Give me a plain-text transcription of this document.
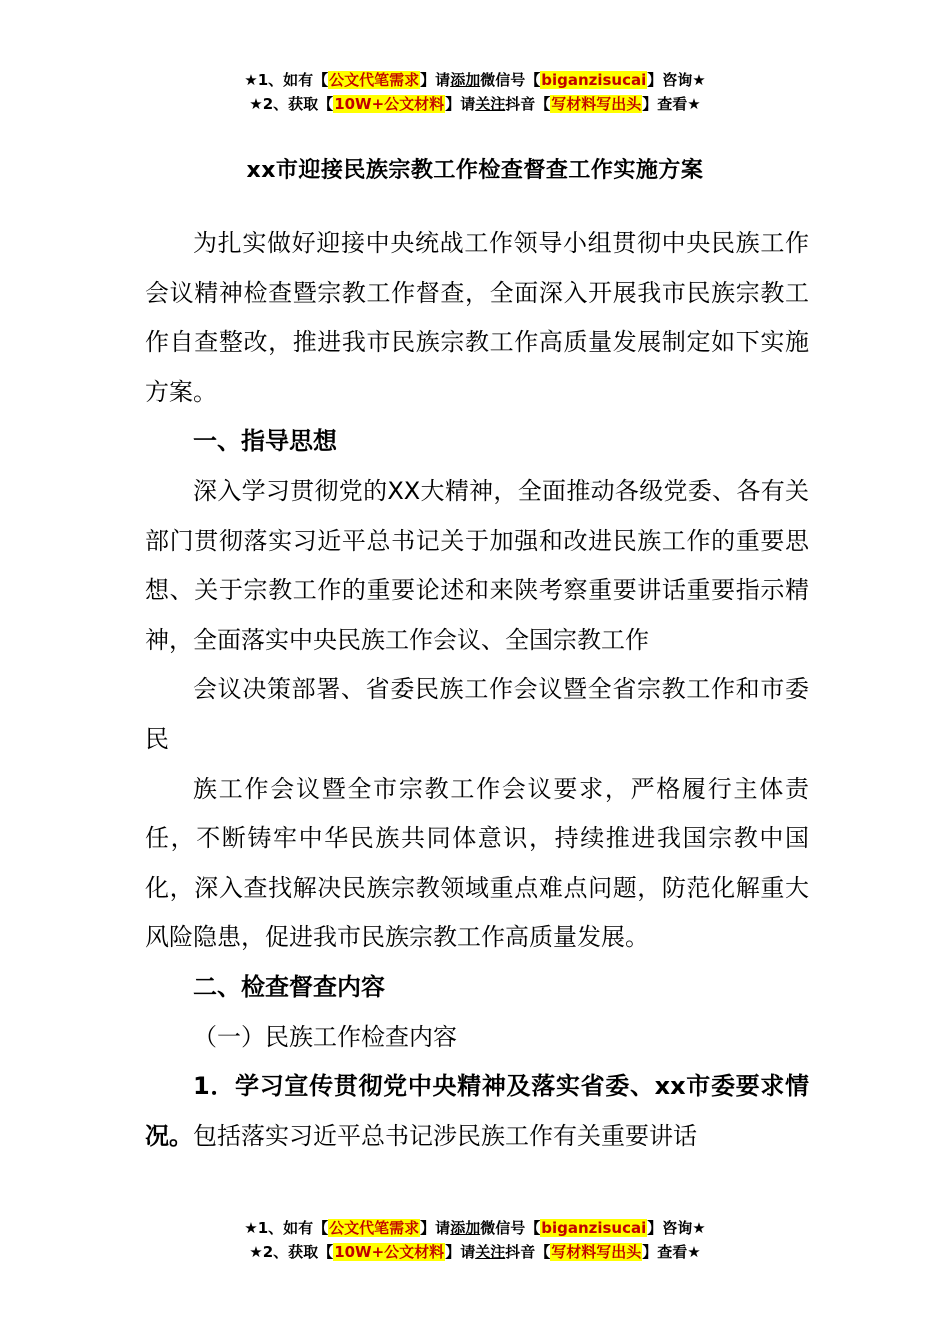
★1、如有【公文代笔需求】请添加微信号【biganzisucai】咨询★
★2、获取【10W+公文材料】请关注抖音【写材料写出头】查看★
xx市迎接民族宗教工作检查督查工作实施方案

为扎实做好迎接中央统战工作领导小组贯彻中央民族工作会议精神检查暨宗教工作督查，全面深入开展我市民族宗教工作自查整改，推进我市民族宗教工作高质量发展制定如下实施方案。

一、指导思想

深入学习贯彻党的XX大精神，全面推动各级党委、各有关部门贯彻落实习近平总书记关于加强和改进民族工作的重要思想、关于宗教工作的重要论述和来陕考察重要讲话重要指示精神，全面落实中央民族工作会议、全国宗教工作

会议决策部署、省委民族工作会议暨全省宗教工作和市委民

族工作会议暨全市宗教工作会议要求，严格履行主体责任，不断铸牢中华民族共同体意识，持续推进我国宗教中国化，深入查找解决民族宗教领域重点难点问题，防范化解重大风险隐患，促进我市民族宗教工作高质量发展。

二、检查督查内容

（一）民族工作检查内容

1．学习宣传贯彻党中央精神及落实省委、xx市委要求情况。包括落实习近平总书记涉民族工作有关重要讲话

★1、如有【公文代笔需求】请添加微信号【biganzisucai】咨询★
★2、获取【10W+公文材料】请关注抖音【写材料写出头】查看★
